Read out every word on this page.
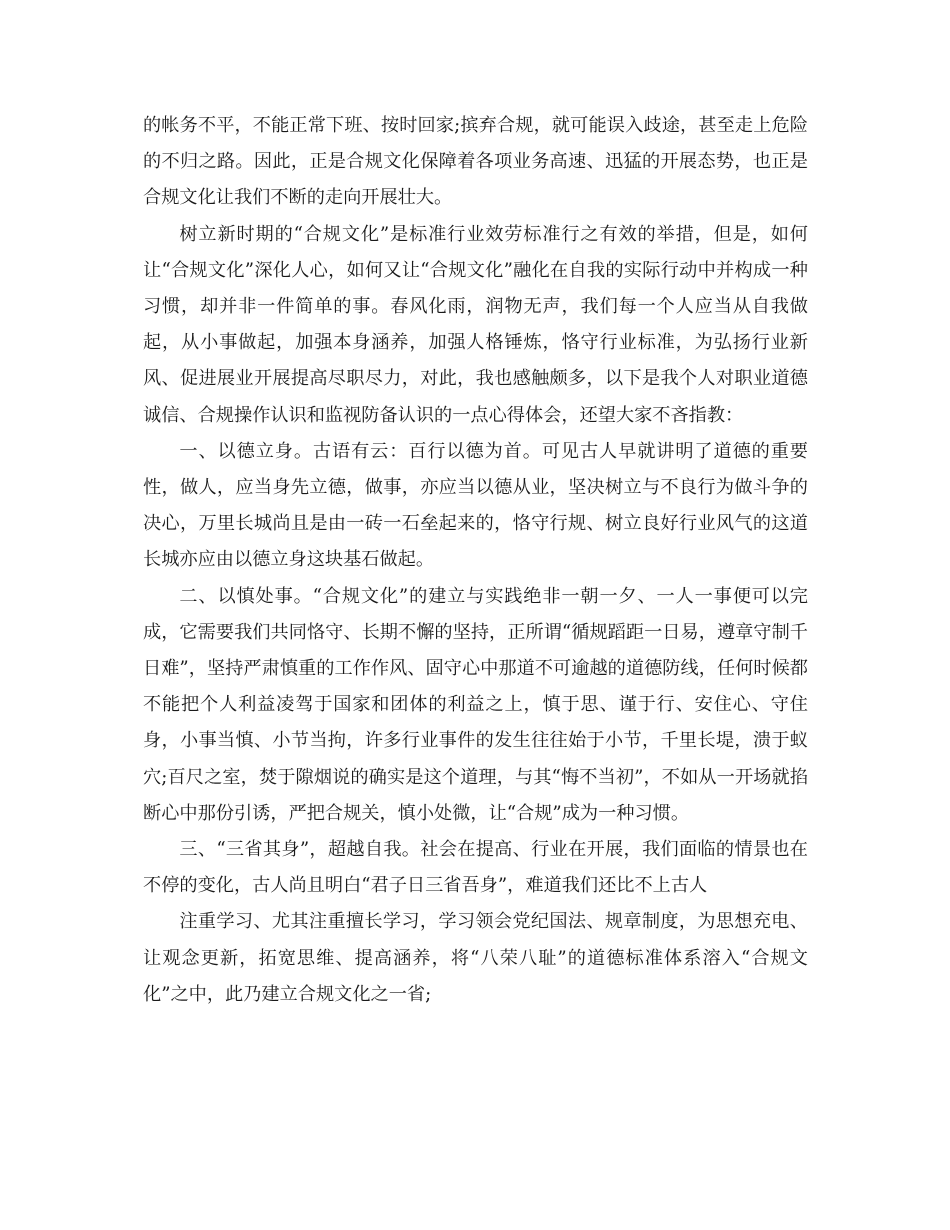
的帐务不平，不能正常下班、按时回家;摈弃合规，就可能误入歧途，甚至走上危险的不归之路。因此，正是合规文化保障着各项业务高速、迅猛的开展态势，也正是合规文化让我们不断的走向开展壮大。

树立新时期的“合规文化”是标准行业效劳标准行之有效的举措，但是，如何让“合规文化”深化人心，如何又让“合规文化”融化在自我的实际行动中并构成一种习惯，却并非一件简单的事。春风化雨，润物无声，我们每一个人应当从自我做起，从小事做起，加强本身涵养，加强人格锤炼，恪守行业标准，为弘扬行业新风、促进展业开展提高尽职尽力，对此，我也感触颇多，以下是我个人对职业道德诚信、合规操作认识和监视防备认识的一点心得体会，还望大家不吝指教：

一、以德立身。古语有云：百行以德为首。可见古人早就讲明了道德的重要性，做人，应当身先立德，做事，亦应当以德从业，坚决树立与不良行为做斗争的决心，万里长城尚且是由一砖一石垒起来的，恪守行规、树立良好行业风气的这道长城亦应由以德立身这块基石做起。

二、以慎处事。“合规文化”的建立与实践绝非一朝一夕、一人一事便可以完成，它需要我们共同恪守、长期不懈的坚持，正所谓“循规蹈距一日易，遵章守制千日难”，坚持严肃慎重的工作作风、固守心中那道不可逾越的道德防线，任何时候都不能把个人利益凌驾于国家和团体的利益之上，慎于思、谨于行、安住心、守住身，小事当慎、小节当拘，许多行业事件的发生往往始于小节，千里长堤，溃于蚁穴;百尺之室，焚于隙烟说的确实是这个道理，与其“悔不当初”，不如从一开场就掐断心中那份引诱，严把合规关，慎小处微，让“合规”成为一种习惯。

三、“三省其身”，超越自我。社会在提高、行业在开展，我们面临的情景也在不停的变化，古人尚且明白“君子日三省吾身”，难道我们还比不上古人

注重学习、尤其注重擅长学习，学习领会党纪国法、规章制度，为思想充电、让观念更新，拓宽思维、提高涵养，将“八荣八耻”的道德标准体系溶入“合规文化”之中，此乃建立合规文化之一省;
